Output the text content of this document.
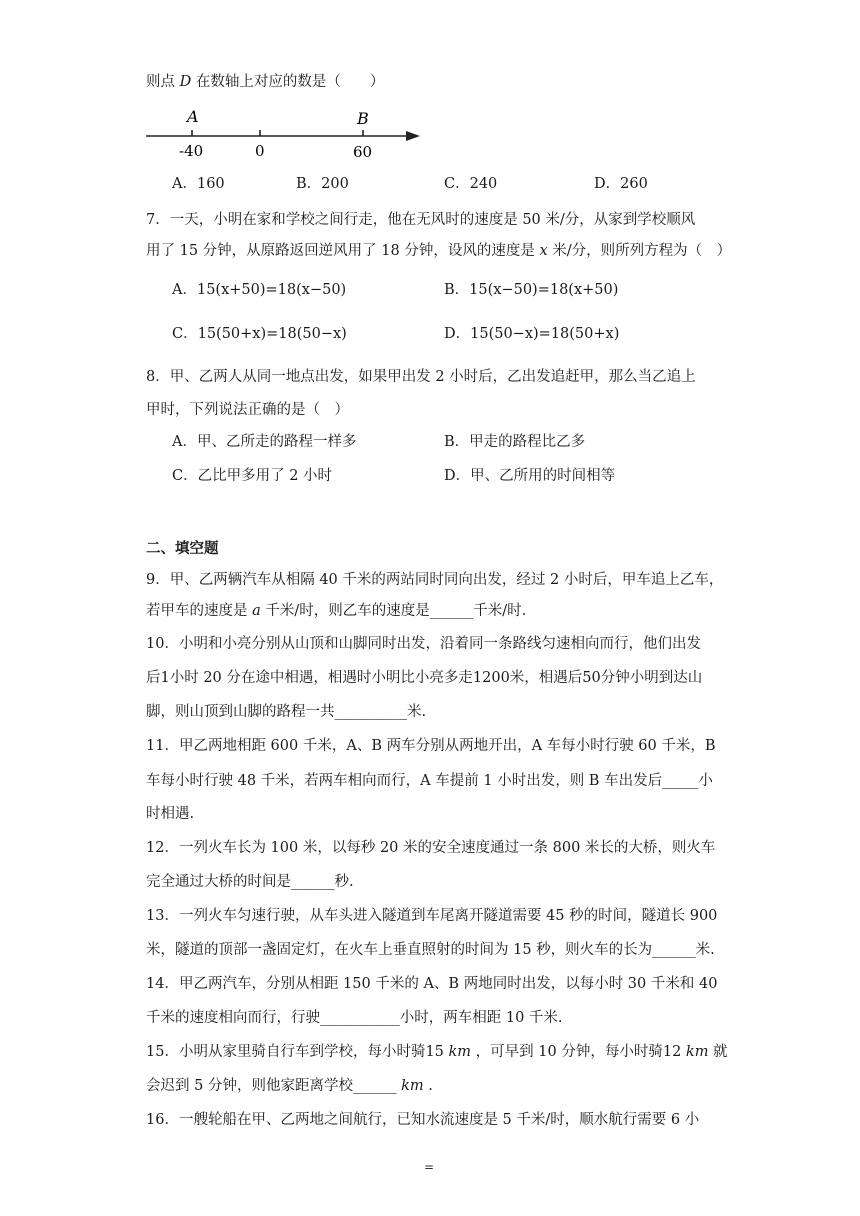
则点 D 在数轴上对应的数是（　　）
A	B
-40	0	60
A．160	B．200	C．240	D．260
7．一天，小明在家和学校之间行走，他在无风时的速度是 50 米/分，从家到学校顺风
用了 15 分钟，从原路返回逆风用了 18 分钟，设风的速度是 x 米/分，则所列方程为（　）
A．15(x+50)=18(x−50)	B．15(x−50)=18(x+50)
C．15(50+x)=18(50−x)	D．15(50−x)=18(50+x)
8．甲、乙两人从同一地点出发，如果甲出发 2 小时后，乙出发追赶甲，那么当乙追上
甲时，下列说法正确的是（　）
A．甲、乙所走的路程一样多	B．甲走的路程比乙多
C．乙比甲多用了 2 小时	D．甲、乙所用的时间相等
二、填空题
9．甲、乙两辆汽车从相隔 40 千米的两站同时同向出发，经过 2 小时后，甲车追上乙车，
若甲车的速度是 a 千米/时，则乙车的速度是______千米/时.
10．小明和小亮分别从山顶和山脚同时出发，沿着同一条路线匀速相向而行，他们出发
后1小时 20 分在途中相遇，相遇时小明比小亮多走1200米，相遇后50分钟小明到达山
脚，则山顶到山脚的路程一共__________米.
11．甲乙两地相距 600 千米，A、B 两车分别从两地开出，A 车每小时行驶 60 千米，B
车每小时行驶 48 千米，若两车相向而行，A 车提前 1 小时出发，则 B 车出发后_____小
时相遇.
12．一列火车长为 100 米，以每秒 20 米的安全速度通过一条 800 米长的大桥，则火车
完全通过大桥的时间是______秒.
13．一列火车匀速行驶，从车头进入隧道到车尾离开隧道需要 45 秒的时间，隧道长 900
米，隧道的顶部一盏固定灯，在火车上垂直照射的时间为 15 秒，则火车的长为______米.
14．甲乙两汽车，分别从相距 150 千米的 A、B 两地同时出发，以每小时 30 千米和 40
千米的速度相向而行，行驶___________小时，两车相距 10 千米.
15．小明从家里骑自行车到学校，每小时骑15 km ，可早到 10 分钟，每小时骑12 km 就
会迟到 5 分钟，则他家距离学校______ km .
16．一艘轮船在甲、乙两地之间航行，已知水流速度是 5 千米/时，顺水航行需要 6 小
=
